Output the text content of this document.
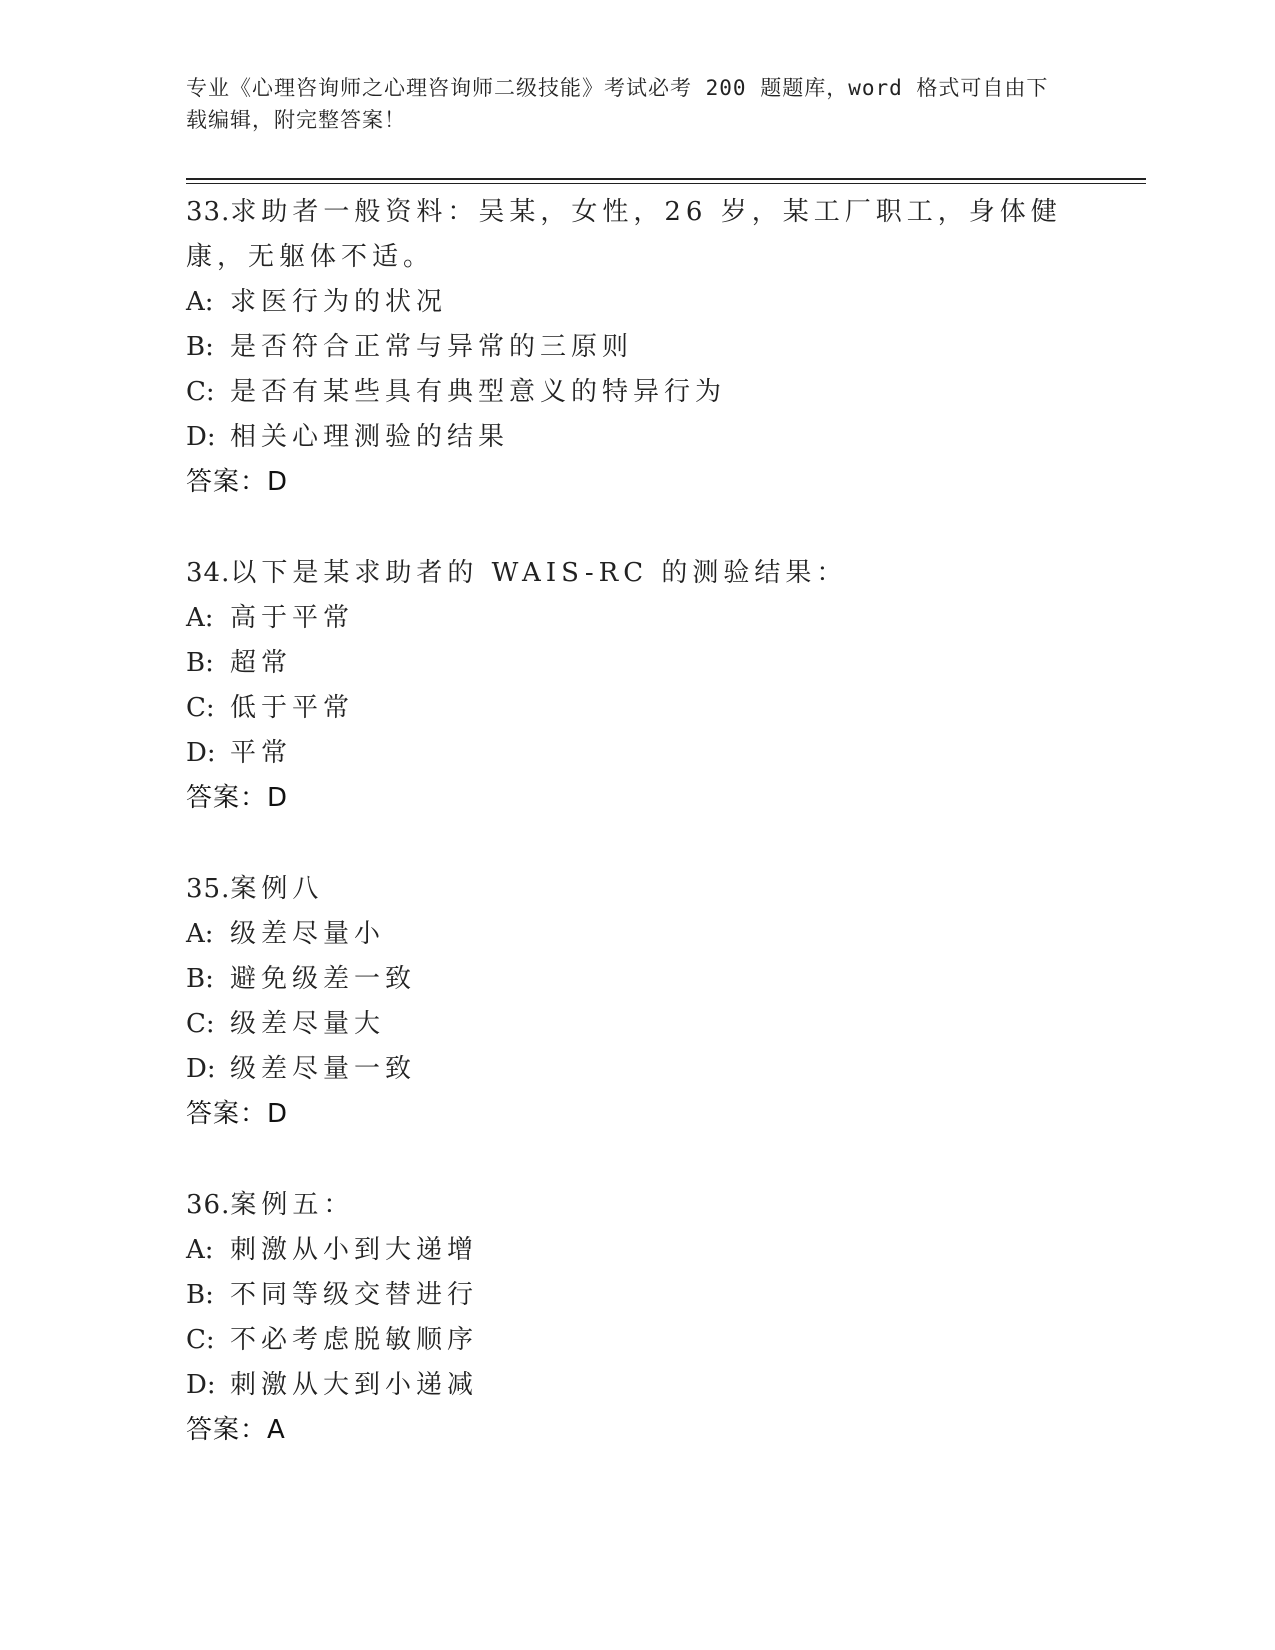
专业《心理咨询师之心理咨询师二级技能》考试必考 200 题题库，word 格式可自由下载编辑，附完整答案！

33.求助者一般资料：吴某，女性，26 岁，某工厂职工，身体健康，无躯体不适。

A: 求医行为的状况

B: 是否符合正常与异常的三原则

C: 是否有某些具有典型意义的特异行为

D: 相关心理测验的结果

答案：D

34.以下是某求助者的 WAIS-RC 的测验结果：

A: 高于平常

B: 超常

C: 低于平常

D: 平常

答案：D

35.案例八

A: 级差尽量小

B: 避免级差一致

C: 级差尽量大

D: 级差尽量一致

答案：D

36.案例五：

A: 刺激从小到大递增

B: 不同等级交替进行

C: 不必考虑脱敏顺序

D: 刺激从大到小递减

答案：A
